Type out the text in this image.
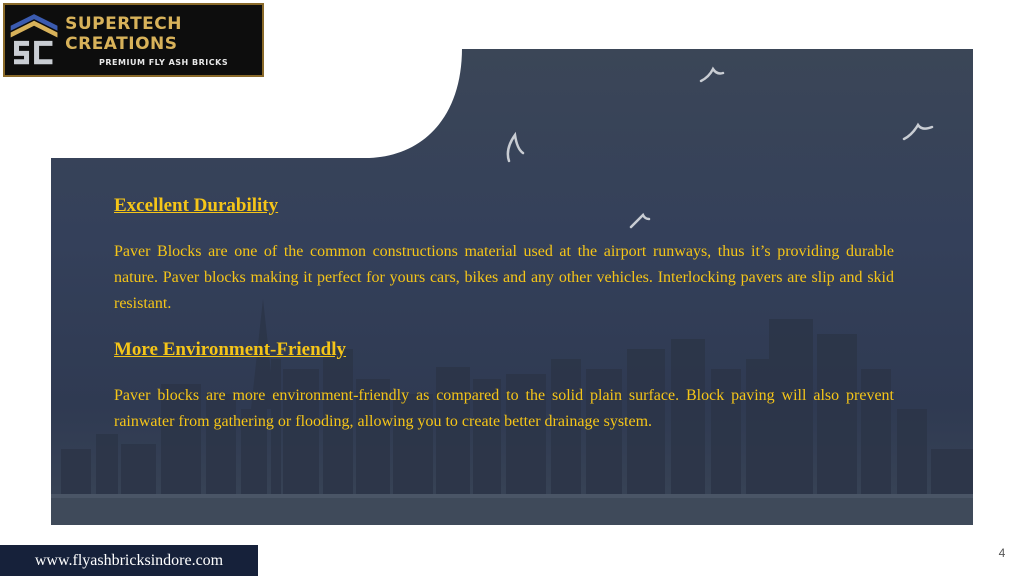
SUPERTECH CREATIONS
PREMIUM FLY ASH BRICKS

Excellent Durability

Paver Blocks are one of the common constructions material used at the airport runways, thus it’s providing durable nature. Paver blocks making it perfect for yours cars, bikes and any other vehicles. Interlocking pavers are slip and skid resistant.

More Environment-Friendly

Paver blocks are more environment-friendly as compared to the solid plain surface. Block paving will also prevent rainwater from gathering or flooding, allowing you to create better drainage system.

www.flyashbricksindore.com	4
